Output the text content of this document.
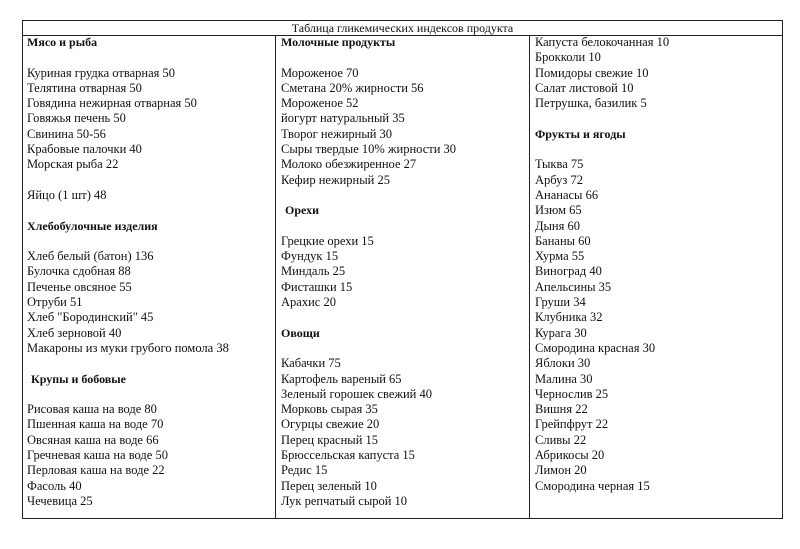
Таблица гликемических индексов продукта
Мясо и рыба
Куриная грудка отварная 50
Телятина отварная 50
Говядина нежирная отварная 50
Говяжья печень 50
Свинина 50-56
Крабовые палочки 40
Морская рыба 22
Яйцо (1 шт) 48
Хлебобулочные изделия
Хлеб белый (батон) 136
Булочка сдобная 88
Печенье овсяное 55
Отруби 51
Хлеб "Бородинский" 45
Хлеб зерновой 40
Макароны из муки грубого помола 38
Крупы и бобовые
Рисовая каша на воде 80
Пшенная каша на воде 70
Овсяная каша на воде 66
Гречневая каша на воде 50
Перловая каша на воде 22
Фасоль 40
Чечевица 25
Молочные продукты
Мороженое 70
Сметана 20% жирности 56
Мороженое 52
йогурт натуральный 35
Творог нежирный 30
Сыры твердые 10% жирности 30
Молоко обезжиренное 27
Кефир нежирный 25
Орехи
Грецкие орехи 15
Фундук 15
Миндаль 25
Фисташки 15
Арахис 20
Овощи
Кабачки 75
Картофель вареный 65
Зеленый горошек свежий 40
Морковь сырая 35
Огурцы свежие 20
Перец красный 15
Брюссельская капуста 15
Редис 15
Перец зеленый 10
Лук репчатый сырой 10
Капуста белокочанная 10
Брокколи 10
Помидоры свежие 10
Салат листовой 10
Петрушка, базилик 5
Фрукты и ягоды
Тыква 75
Арбуз 72
Ананасы 66
Изюм 65
Дыня 60
Бананы 60
Хурма 55
Виноград 40
Апельсины 35
Груши 34
Клубника 32
Курага 30
Смородина красная 30
Яблоки 30
Малина 30
Чернослив 25
Вишня 22
Грейпфрут 22
Сливы 22
Абрикосы 20
Лимон 20
Смородина черная 15
